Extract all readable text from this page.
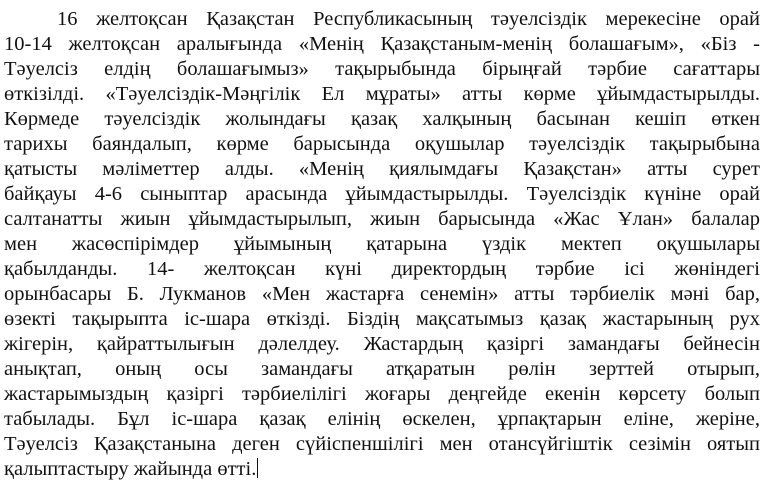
16 желтоқсан Қазақстан Республикасының тәуелсіздік мерекесіне орай
10-14 желтоқсан аралығында «Менің Қазақстаным-менің болашағым», «Біз -
Тәуелсіз елдің болашағымыз» тақырыбында бірыңғай тәрбие сағаттары
өткізілді. «Тәуелсіздік-Мәңгілік Ел мұраты» атты көрме ұйымдастырылды.
Көрмеде тәуелсіздік жолындағы қазақ халқының басынан кешіп өткен
тарихы баяндалып, көрме барысында оқушылар тәуелсіздік тақырыбына
қатысты мәліметтер алды. «Менің қиялымдағы Қазақстан» атты сурет
байқауы 4-6 сыныптар арасында ұйымдастырылды. Тәуелсіздік күніне орай
салтанатты жиын ұйымдастырылып, жиын барысында «Жас Ұлан» балалар
мен жасөспірімдер ұйымының қатарына үздік мектеп оқушылары
қабылданды. 14- желтоқсан күні директордың тәрбие ісі жөніндегі
орынбасары Б. Лукманов «Мен жастарға сенемін» атты тәрбиелік мәні бар,
өзекті тақырыпта іс-шара өткізді. Біздің мақсатымыз қазақ жастарының рух
жігерін, қайраттылығын дәлелдеу. Жастардың қазіргі замандағы бейнесін
анықтап, оның осы замандағы атқаратын рөлін зерттей отырып,
жастарымыздың қазіргі тәрбиелілігі жоғары деңгейде екенін көрсету болып
табылады. Бұл іс-шара қазақ елінің өскелен, ұрпақтарын еліне, жеріне,
Тәуелсіз Қазақстанына деген сүйіспеншілігі мен отансүйгіштік сезімін оятып
қалыптастыру жайында өтті.
